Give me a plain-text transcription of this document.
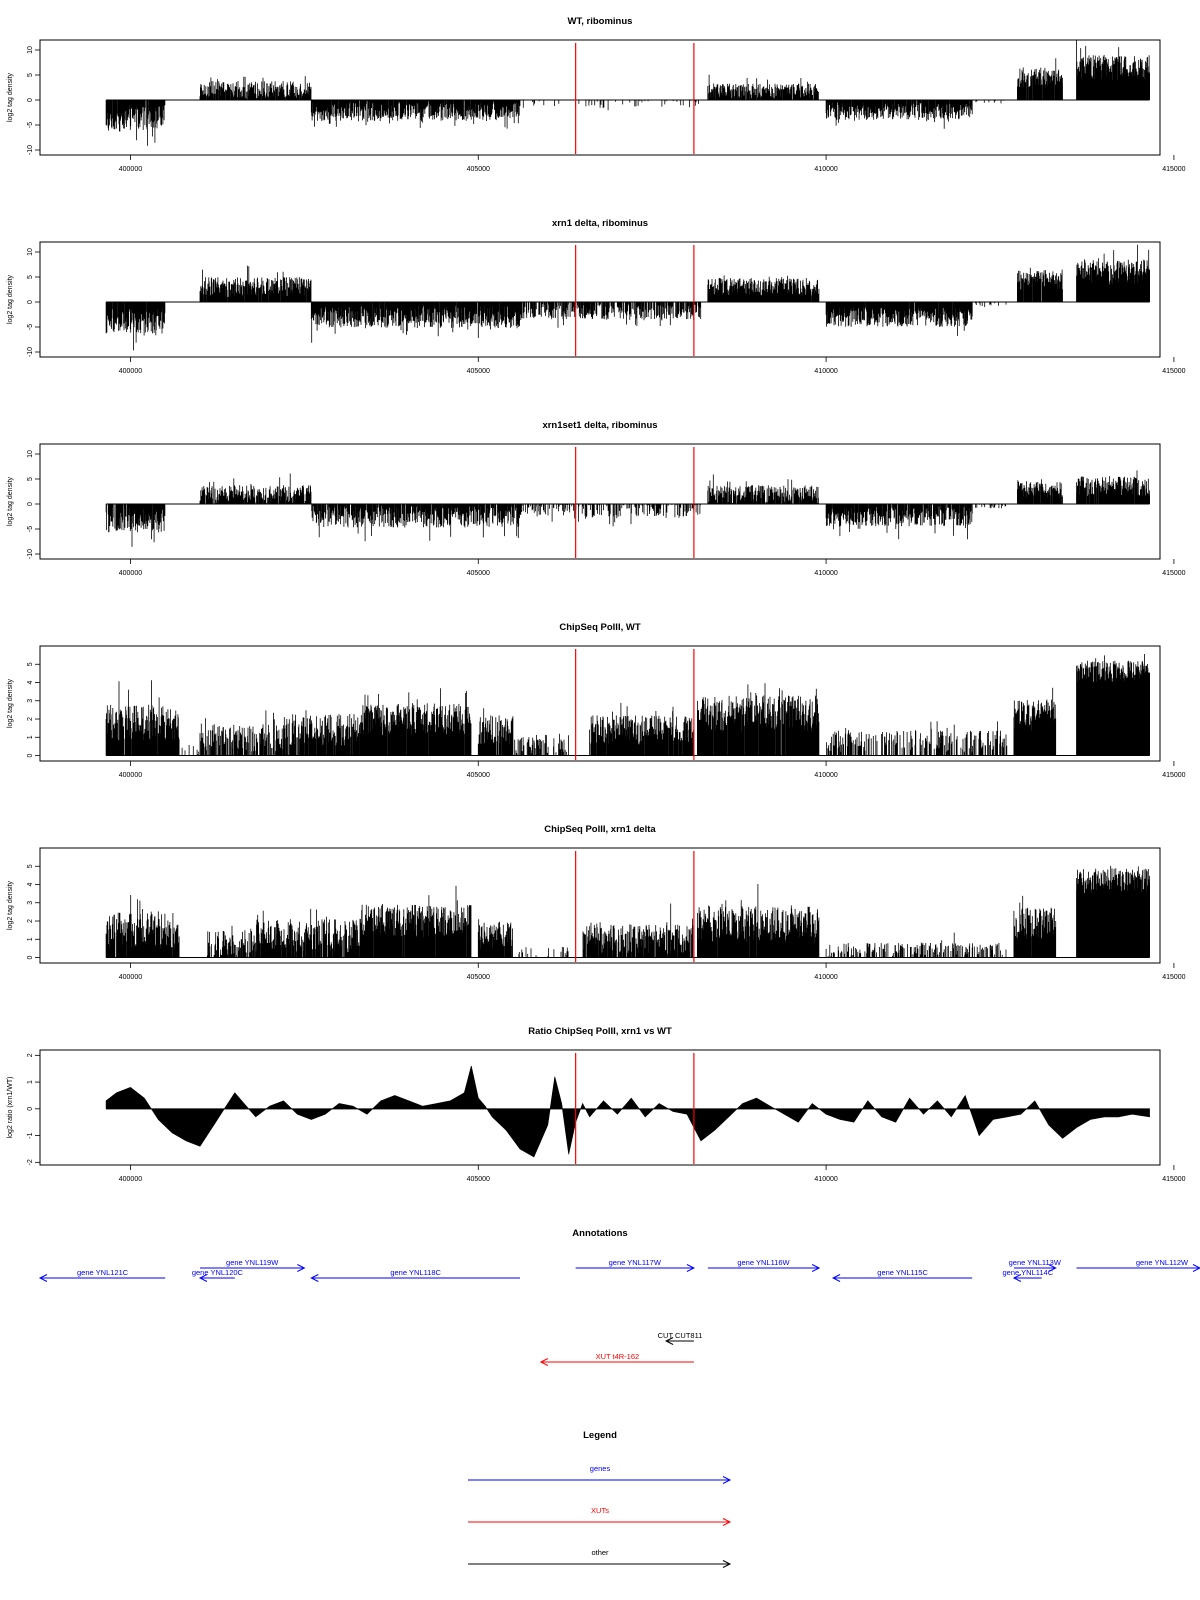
WT, ribominus
log2 tag density
-10
-5
0
5
10
400000	405000	410000	415000
xrn1 delta, ribominus
log2 tag density
-10
-5
0
5
10
400000	405000	410000	415000
xrn1set1 delta, ribominus
log2 tag density
-10
-5
0
5
10
400000	405000	410000	415000
ChipSeq PolII, WT
log2 tag density
0
1
2
3
4
5
400000	405000	410000	415000
ChipSeq PolII, xrn1 delta
log2 tag density
0
1
2
3
4
5
400000	405000	410000	415000
Ratio ChipSeq PolII, xrn1 vs WT
log2 ratio (xrn1/WT)
-2
-1
0
1
2
400000	405000	410000	415000
Annotations
gene YNL121C
gene YNL119W
gene YNL120C	gene YNL118C
gene YNL117W	gene YNL116W
gene YNL115C
gene YNL113W
gene YNL114C
gene YNL112W
CUT CUT811
XUT t4R-162
Legend
genes
XUTs
other
